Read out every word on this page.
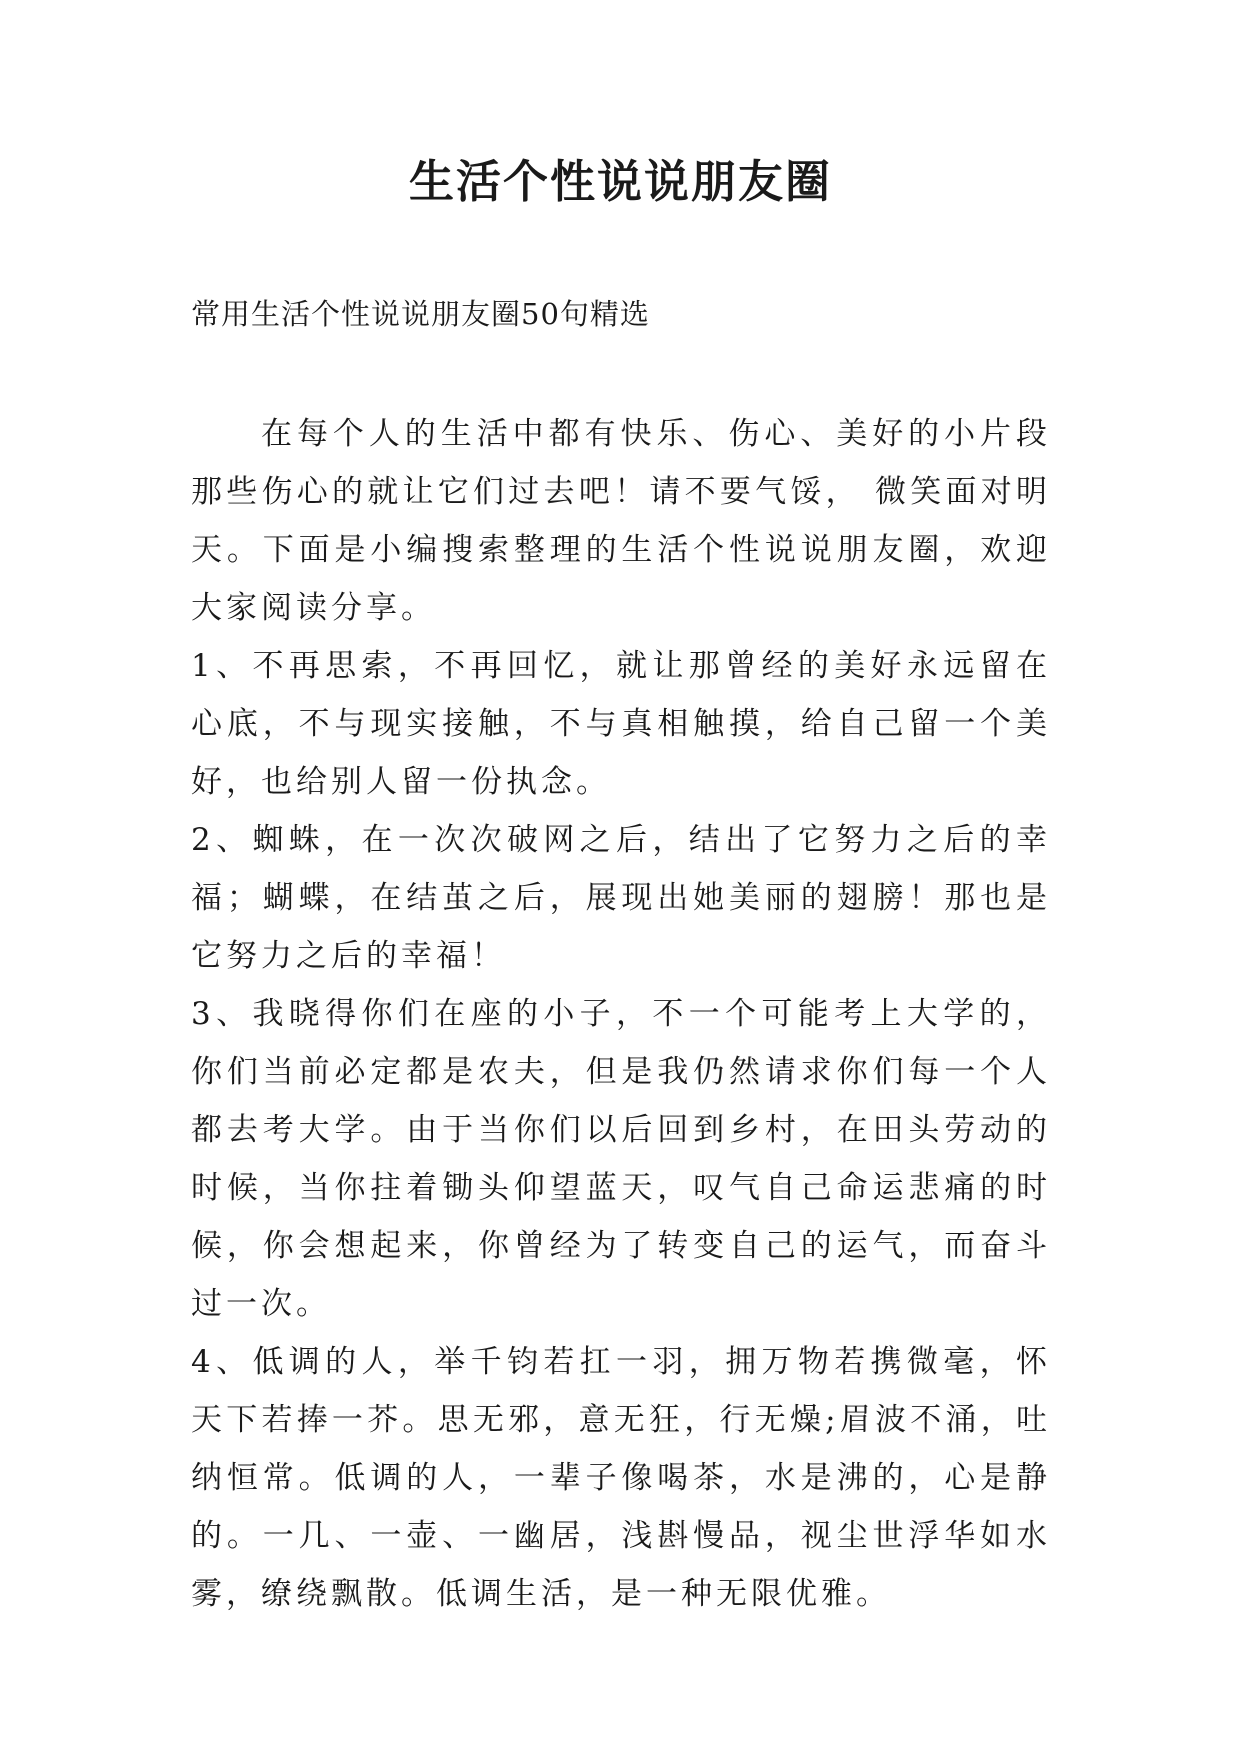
生活个性说说朋友圈

常用生活个性说说朋友圈50句精选

在每个人的生活中都有快乐、伤心、美好的小片段那些伤心的就让它们过去吧！请不要气馁， 微笑面对明天。下面是小编搜索整理的生活个性说说朋友圈，欢迎大家阅读分享。

1、不再思索，不再回忆，就让那曾经的美好永远留在心底，不与现实接触，不与真相触摸，给自己留一个美好，也给别人留一份执念。

2、蜘蛛，在一次次破网之后，结出了它努力之后的幸福；蝴蝶，在结茧之后，展现出她美丽的翅膀！那也是它努力之后的幸福！

3、我晓得你们在座的小子，不一个可能考上大学的，你们当前必定都是农夫，但是我仍然请求你们每一个人都去考大学。由于当你们以后回到乡村，在田头劳动的时候，当你拄着锄头仰望蓝天，叹气自己命运悲痛的时候，你会想起来，你曾经为了转变自己的运气，而奋斗过一次。

4、低调的人，举千钧若扛一羽，拥万物若携微毫，怀天下若捧一芥。思无邪，意无狂，行无燥;眉波不涌，吐纳恒常。低调的人，一辈子像喝茶，水是沸的，心是静的。一几、一壶、一幽居，浅斟慢品，视尘世浮华如水雾，缭绕飘散。低调生活，是一种无限优雅。
